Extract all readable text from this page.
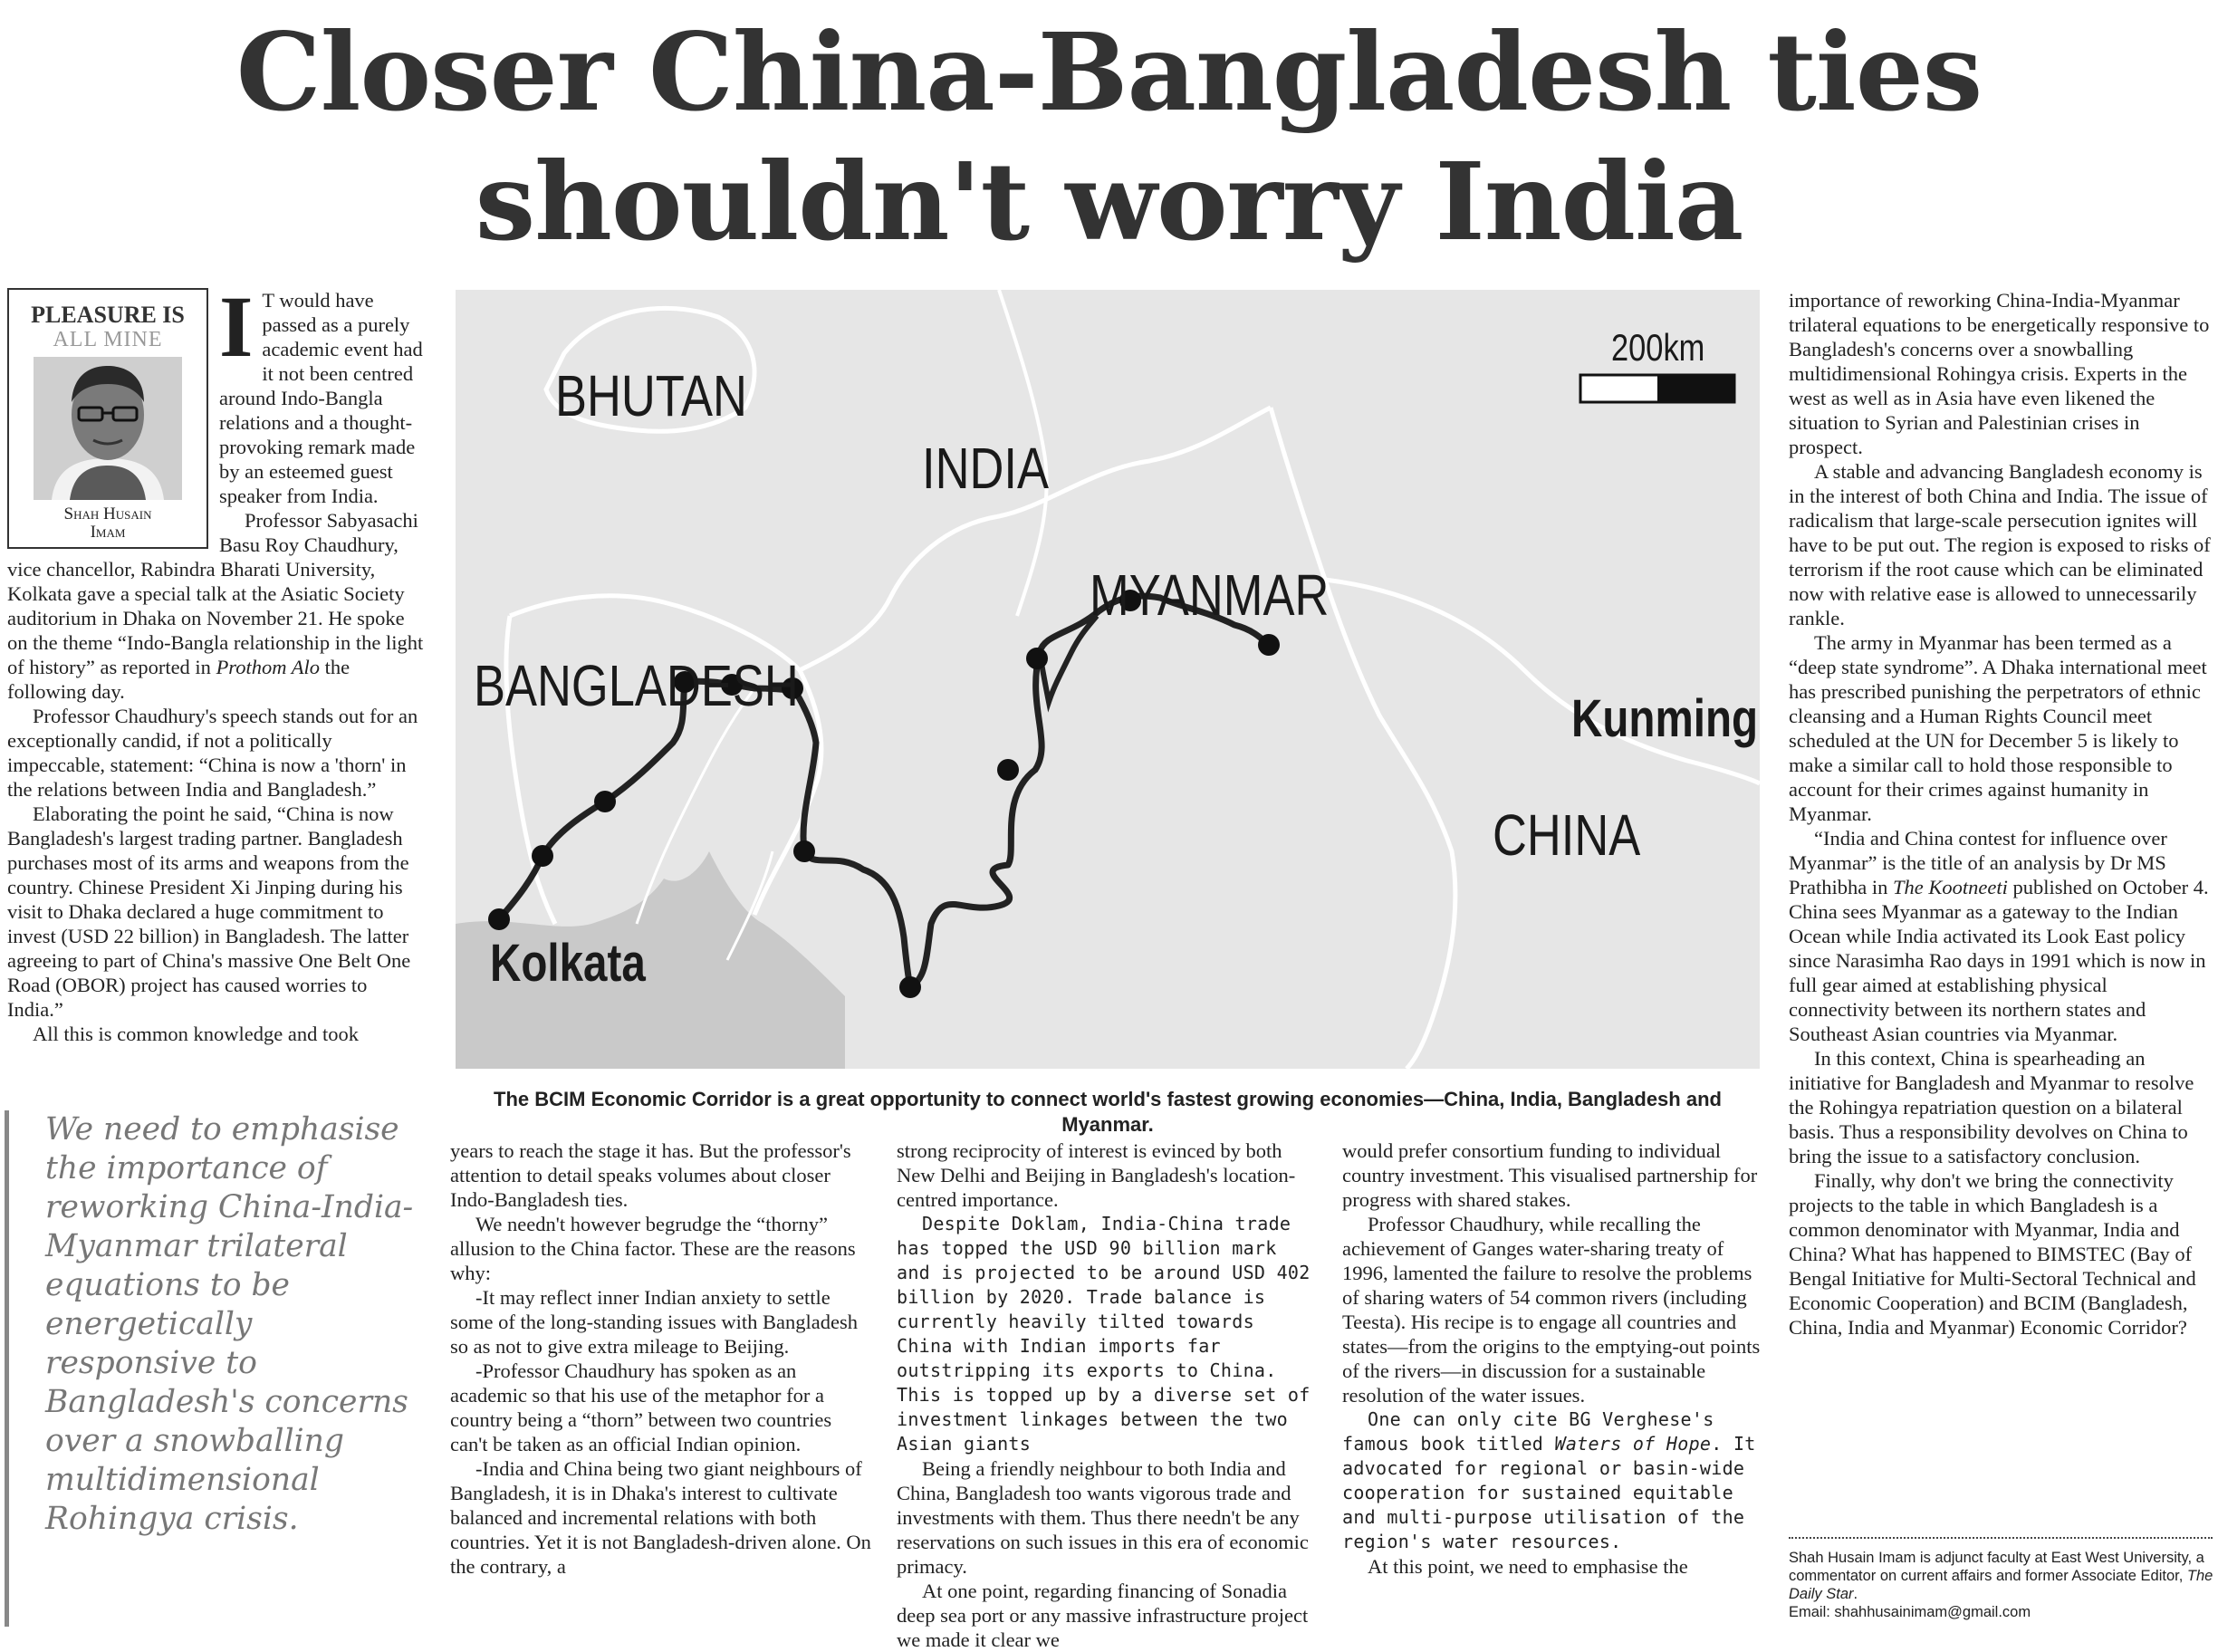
Closer China-Bangladesh ties
shouldn't worry India
PLEASURE IS
ALL MINE
Shah Husain
Imam

I T would have passed as a purely academic event had it not been centred around Indo-Bangla relations and a thought-provoking remark made by an esteemed guest speaker from India.

Professor Sabyasachi Basu Roy Chaudhury, vice chancellor, Rabindra Bharati University, Kolkata gave a special talk at the Asiatic Society auditorium in Dhaka on November 21. He spoke on the theme “Indo-Bangla relationship in the light of history” as reported in Prothom Alo the following day.

Professor Chaudhury's speech stands out for an exceptionally candid, if not a politically impeccable, statement: “China is now a 'thorn' in the relations between India and Bangladesh.”

Elaborating the point he said, “China is now Bangladesh's largest trading partner. Bangladesh purchases most of its arms and weapons from the country. Chinese President Xi Jinping during his visit to Dhaka declared a huge commitment to invest (USD 22 billion) in Bangladesh. The latter agreeing to part of China's massive One Belt One Road (OBOR) project has caused worries to India.”

All this is common knowledge and took

BHUTAN
INDIA
MYANMAR
BANGLADESH
CHINA
Kunming
Kolkata
200km
The BCIM Economic Corridor is a great opportunity to connect world's fastest growing economies—China, India, Bangladesh and Myanmar.
We need to emphasise the importance of reworking China-India-Myanmar trilateral equations to be energetically responsive to Bangladesh's concerns over a snowballing multidimensional Rohingya crisis.

years to reach the stage it has. But the professor's attention to detail speaks volumes about closer Indo-Bangladesh ties.

We needn't however begrudge the “thorny” allusion to the China factor. These are the reasons why:

-It may reflect inner Indian anxiety to settle some of the long-standing issues with Bangladesh so as not to give extra mileage to Beijing.

-Professor Chaudhury has spoken as an academic so that his use of the metaphor for a country being a “thorn” between two countries can't be taken as an official Indian opinion.

-India and China being two giant neighbours of Bangladesh, it is in Dhaka's interest to cultivate balanced and incremental relations with both countries. Yet it is not Bangladesh-driven alone. On the contrary, a

strong reciprocity of interest is evinced by both New Delhi and Beijing in Bangladesh's location-centred importance.

Despite Doklam, India-China trade has topped the USD 90 billion mark and is projected to be around USD 402 billion by 2020. Trade balance is currently heavily tilted towards China with Indian imports far outstripping its exports to China. This is topped up by a diverse set of investment linkages between the two Asian giants

Being a friendly neighbour to both India and China, Bangladesh too wants vigorous trade and investments with them. Thus there needn't be any reservations on such issues in this era of economic primacy.

At one point, regarding financing of Sonadia deep sea port or any massive infrastructure project we made it clear we

would prefer consortium funding to individual country investment. This visualised partnership for progress with shared stakes.

Professor Chaudhury, while recalling the achievement of Ganges water-sharing treaty of 1996, lamented the failure to resolve the problems of sharing waters of 54 common rivers (including Teesta). His recipe is to engage all countries and states—from the origins to the emptying-out points of the rivers—in discussion for a sustainable resolution of the water issues.

One can only cite BG Verghese's famous book titled Waters of Hope. It advocated for regional or basin-wide cooperation for sustained equitable and multi-purpose utilisation of the region's water resources.

At this point, we need to emphasise the

importance of reworking China-India-Myanmar trilateral equations to be energetically responsive to Bangladesh's concerns over a snowballing multidimensional Rohingya crisis. Experts in the west as well as in Asia have even likened the situation to Syrian and Palestinian crises in prospect.

A stable and advancing Bangladesh economy is in the interest of both China and India. The issue of radicalism that large-scale persecution ignites will have to be put out. The region is exposed to risks of terrorism if the root cause which can be eliminated now with relative ease is allowed to unnecessarily rankle.

The army in Myanmar has been termed as a “deep state syndrome”. A Dhaka international meet has prescribed punishing the perpetrators of ethnic cleansing and a Human Rights Council meet scheduled at the UN for December 5 is likely to make a similar call to hold those responsible to account for their crimes against humanity in Myanmar.

“India and China contest for influence over Myanmar” is the title of an analysis by Dr MS Prathibha in The Kootneeti published on October 4. China sees Myanmar as a gateway to the Indian Ocean while India activated its Look East policy since Narasimha Rao days in 1991 which is now in full gear aimed at establishing physical connectivity between its northern states and Southeast Asian countries via Myanmar.

In this context, China is spearheading an initiative for Bangladesh and Myanmar to resolve the Rohingya repatriation question on a bilateral basis. Thus a responsibility devolves on China to bring the issue to a satisfactory conclusion.

Finally, why don't we bring the connectivity projects to the table in which Bangladesh is a common denominator with Myanmar, India and China? What has happened to BIMSTEC (Bay of Bengal Initiative for Multi-Sectoral Technical and Economic Cooperation) and BCIM (Bangladesh, China, India and Myanmar) Economic Corridor?

Shah Husain Imam is adjunct faculty at East West University, a commentator on current affairs and former Associate Editor, The Daily Star.
Email: shahhusainimam@gmail.com
